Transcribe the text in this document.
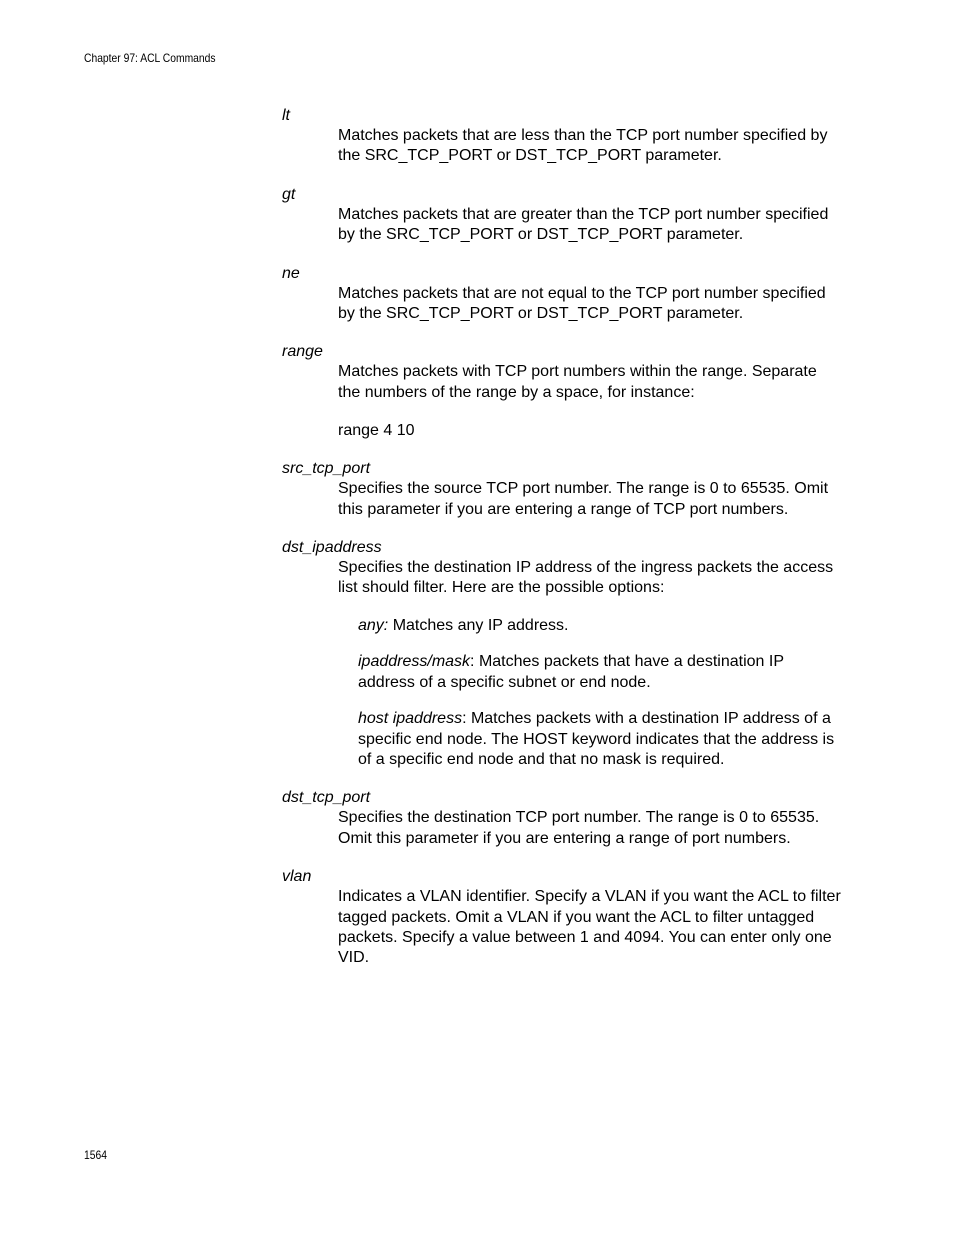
Chapter 97: ACL Commands

lt

Matches packets that are less than the TCP port number specified by the SRC_TCP_PORT or DST_TCP_PORT parameter.

gt

Matches packets that are greater than the TCP port number specified by the SRC_TCP_PORT or DST_TCP_PORT parameter.

ne

Matches packets that are not equal to the TCP port number specified by the SRC_TCP_PORT or DST_TCP_PORT parameter.

range

Matches packets with TCP port numbers within the range. Separate the numbers of the range by a space, for instance:

range 4 10

src_tcp_port

Specifies the source TCP port number. The range is 0 to 65535. Omit this parameter if you are entering a range of TCP port numbers.

dst_ipaddress

Specifies the destination IP address of the ingress packets the access list should filter. Here are the possible options:

any: Matches any IP address.

ipaddress/mask: Matches packets that have a destination IP address of a specific subnet or end node.

host ipaddress: Matches packets with a destination IP address of a specific end node. The HOST keyword indicates that the address is of a specific end node and that no mask is required.

dst_tcp_port

Specifies the destination TCP port number. The range is 0 to 65535. Omit this parameter if you are entering a range of port numbers.

vlan

Indicates a VLAN identifier. Specify a VLAN if you want the ACL to filter tagged packets. Omit a VLAN if you want the ACL to filter untagged packets. Specify a value between 1 and 4094. You can enter only one VID.

1564
